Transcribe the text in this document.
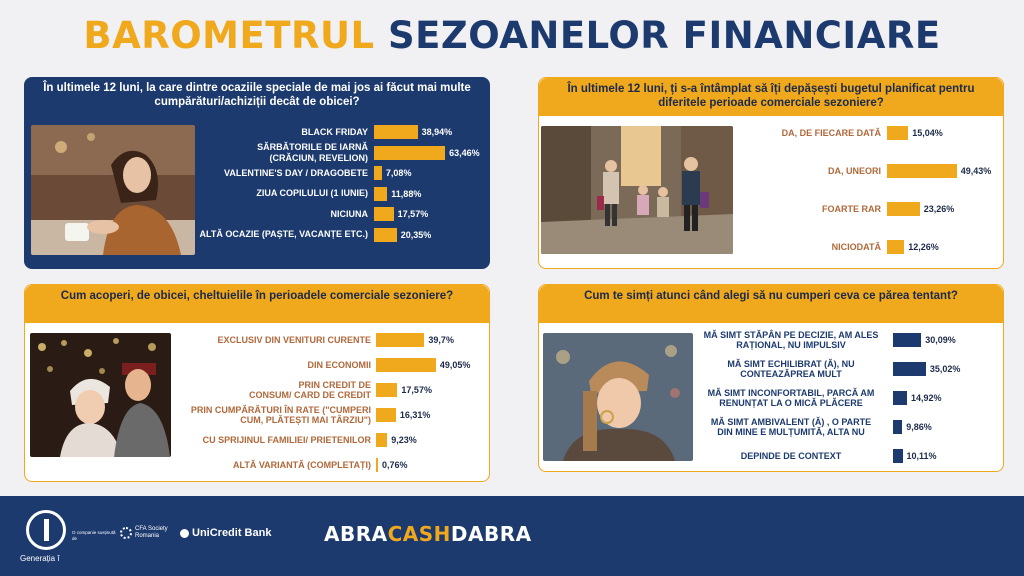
BAROMETRUL SEZOANELOR FINANCIARE
În ultimele 12 luni, la care dintre ocaziile speciale de mai jos ai făcut mai multe cumpărături/achiziții decât de obicei?
BLACK FRIDAY	38,94%
SĂRBĂTORILE DE IARNĂ
(CRĂCIUN, REVELION)	63,46%
VALENTINE'S DAY / DRAGOBETE 7,08%
ZIUA COPILULUI (1 IUNIE)	11,88%
NICIUNA	17,57%
ALTĂ OCAZIE (PAȘTE, VACANȚE ETC.)	20,35%
În ultimele 12 luni, ți s-a întâmplat să îți depășești bugetul planificat pentru diferitele perioade comerciale sezoniere?
DA, DE FIECARE DATĂ	15,04%
DA, UNEORI	49,43%
FOARTE RAR	23,26%
NICIODATĂ	12,26%
Cum acoperi, de obicei, cheltuielile în perioadele comerciale sezoniere?
EXCLUSIV DIN VENITURI CURENTE	39,7%
DIN ECONOMII	49,05%
PRIN CREDIT DE
CONSUM/ CARD DE CREDIT	17,57%
PRIN CUMPĂRĂTURI ÎN RATE ("CUMPERI
CUM, PLĂTEȘTI MAI TÂRZIU")	16,31%
CU SPRIJINUL FAMILIEI/ PRIETENILOR 9,23%
ALTĂ VARIANTĂ (COMPLETAȚI) 0,76%
Cum te simți atunci când alegi să nu cumperi ceva ce părea tentant?
MĂ SIMT STĂPÂN PE DECIZIE, AM ALES
RAȚIONAL, NU IMPULSIV	30,09%
MĂ SIMT ECHILIBRAT (Ă), NU
CONTEAZĂPREA MULT	35,02%
MĂ SIMT INCONFORTABIL, PARCĂ AM
RENUNȚAT LA O MICĂ PLĂCERE	14,92%
MĂ SIMT AMBIVALENT (Ă) , O PARTE
DIN MINE E MULȚUMITĂ, ALTA NU	9,86%
DEPINDE DE CONTEXT	10,11%
Generația î
O companie susținută de
CFA Society
Romania	UniCredit Bank	ABRACASHDABRA
